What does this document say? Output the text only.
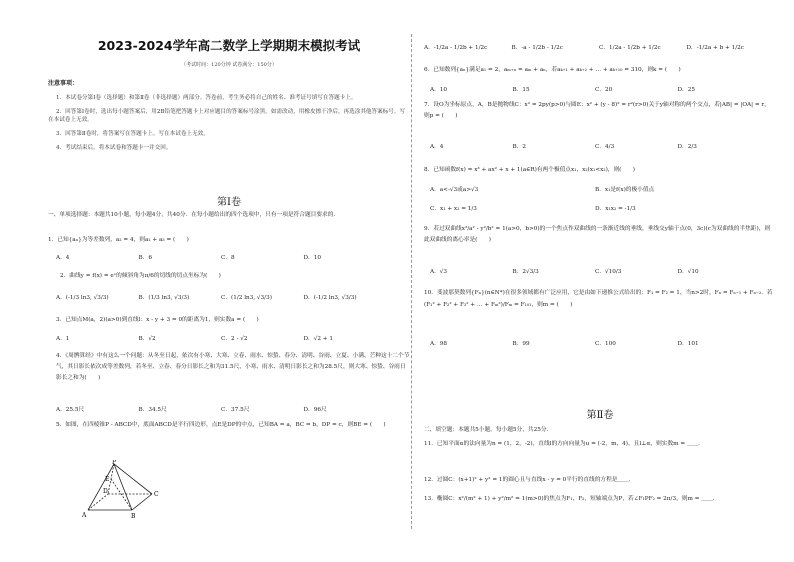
2023-2024学年高二数学上学期期末模拟考试
（考试时间：120分钟 试卷满分：150分）
注意事项：
1．本试卷分第Ⅰ卷（选择题）和第Ⅱ卷（非选择题）两部分。答卷前，考生务必将自己的姓名、准考证号填写在答题卡上。
2．回答第Ⅰ卷时，选出每小题答案后，用2B铅笔把答题卡上对应题目的答案标号涂黑。如需改动，用橡皮擦干净后，再选涂其他答案标号。写在本试卷上无效。
3．回答第Ⅱ卷时，将答案写在答题卡上。写在本试卷上无效。
4．考试结束后，将本试卷和答题卡一并交回。
第Ⅰ卷
一、单项选择题：本题共10小题，每小题4分，共40分．在每小题给出的四个选项中，只有一项是符合题目要求的．
1．已知{aₙ}为等差数列，a₂ = 4，则a₁ + a₃ = (　　)
A．4	B．6	C．8	D．10
2．曲线y = f(x) = eˣ的倾斜角为π/6的切线的切点坐标为(　　)
A．(-1/3 ln3, √3/3)	B．(1/3 ln3, √3/3)	C．(1/2 ln3, √3/3)	D．(-1/2 ln3, √3/3)
3．已知点M(a，2)(a>0)到直线l：x - y + 3 = 0的距离为1，则实数a = (　　)
A．1	B．√2	C．2 - √2	D．√2 + 1
4．《周髀算经》中有这么一个问题：从冬至日起，依次有小寒、大寒、立春、雨水、惊蛰、春分、清明、谷雨、立夏、小满、芒种这十二个节气，其日影长依次成等差数列，若冬至、立春、春分日影长之和为31.5尺，小寒、雨水、清明日影长之和为28.5尺，则大寒、惊蛰、谷雨日影长之和为(　　)
A．25.5尺	B．34.5尺	C．37.5尺	D．96尺
5．如图，在四棱锥P - ABCD中，底面ABCD是平行四边形，点E是DP的中点，已知BA = a，BC = b，DP = c，则BE = (　　)
P
D	C
A	B
E
A．-1/2a - 1/2b + 1/2c	B．-a - 1/2b - 1/2c	C．1/2a - 1/2b + 1/2c	D．-1/2a + b + 1/2c
6．已知数列{aₙ}满足a₁ = 2，aₘ₊ₙ = aₘ + aₙ，若aₖ₊₁ + aₖ₊₂ + … + aₖ₊₁₀ = 310，则k = (　　)
A．10	B．15	C．20	D．25
7．设O为坐标原点，A，B是抛物线C：x² = 2py(p>0)与圆E：x² + (y - 8)² = r²(r>0)关于y轴对称的两个交点，若|AB| = |OA| = r，则p = (　　)
A．4	B．2	C．4/3	D．2/3
8．已知函数f(x) = x³ + ax² + x + 1(a∈R)有两个极值点x₁，x₂(x₁<x₂)，则(　　)
A．a<-√3或a>√3	B．x₁是f(x)的极小值点
C．x₁ + x₂ = 1/3	D．x₁x₂ = -1/3
9．若过双曲线x²/a² - y²/b² = 1(a>0，b>0)的一个焦点作双曲线的一条渐近线的垂线，垂线交y轴于点(0，3c)(c为双曲线的半焦距)，则此双曲线的离心率是(　　)
A．√3	B．2√3/3	C．√10/3	D．√10
10．斐波那契数列{Fₙ}(n∈N*)在很多领域都有广泛应用，它是由如下递推公式给出的：F₁ = F₂ = 1，当n>2时，Fₙ = Fₙ₋₁ + Fₙ₋₂．若 (F₁² + F₂² + F₃² + … + Fₘ²)/Fₘ = F₁₀₁，则m = (　　)
A．98	B．99	C．100	D．101
第Ⅱ卷
二、填空题：本题共5小题，每小题5分，共25分．
11．已知平面α的法向量为n = (1，2，-2)，直线l的方向向量为u = (-2，m，4)，且l⊥α，则实数m = ＿＿．
12．过圆C：(x+1)² + y² = 1的圆心且与直线x - y = 0平行的直线的方程是＿＿．
13．椭圆C：x²/(m² + 1) + y²/m² = 1(m>0)的焦点为F₁，F₂，短轴端点为P，若∠F₁PF₂ = 2π/3，则m = ＿＿．
